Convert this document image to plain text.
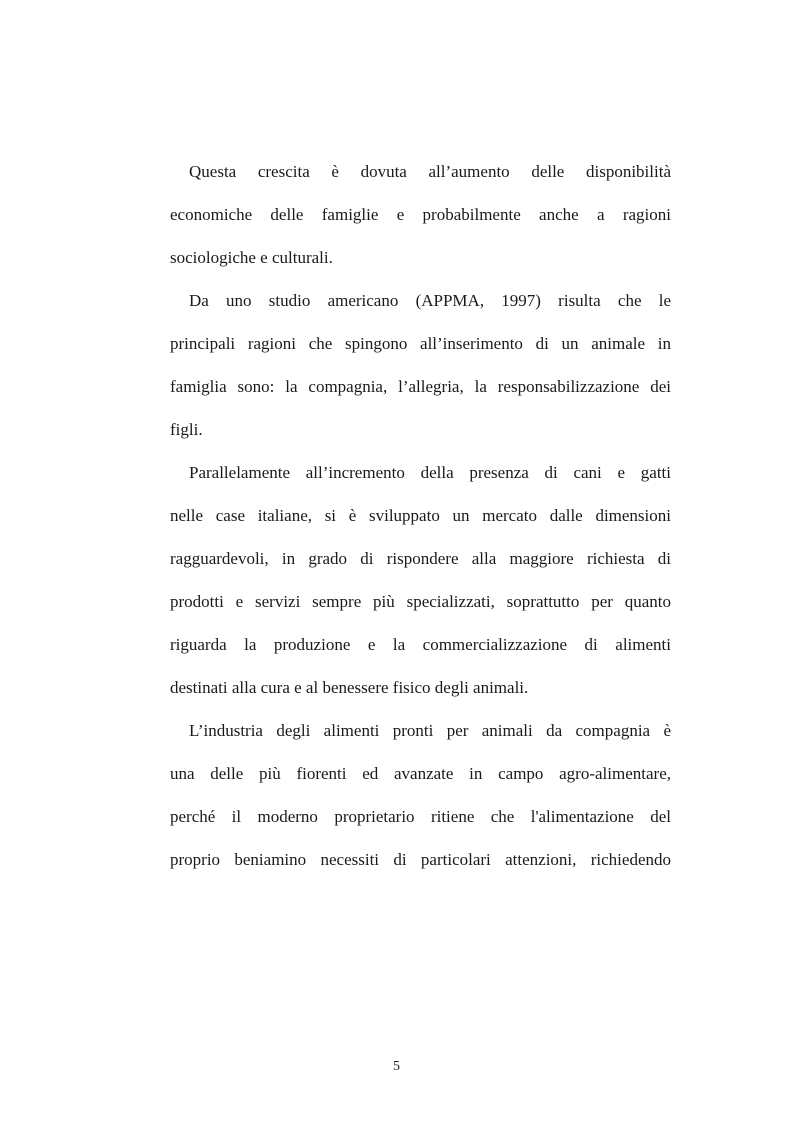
Questa crescita è dovuta all’aumento delle disponibilità
economiche delle famiglie e probabilmente anche a ragioni
sociologiche e culturali.
Da uno studio americano (APPMA, 1997) risulta che le
principali ragioni che spingono all’inserimento di un animale in
famiglia sono: la compagnia, l’allegria, la responsabilizzazione dei
figli.
Parallelamente all’incremento della presenza di cani e gatti
nelle case italiane, si è sviluppato un mercato dalle dimensioni
ragguardevoli, in grado di rispondere alla maggiore richiesta di
prodotti e servizi sempre più specializzati, soprattutto per quanto
riguarda la produzione e la commercializzazione di alimenti
destinati alla cura e al benessere fisico degli animali.
L’industria degli alimenti pronti per animali da compagnia è
una delle più fiorenti ed avanzate in campo agro-alimentare,
perché il moderno proprietario ritiene che l'alimentazione del
proprio beniamino necessiti di particolari attenzioni, richiedendo
5
